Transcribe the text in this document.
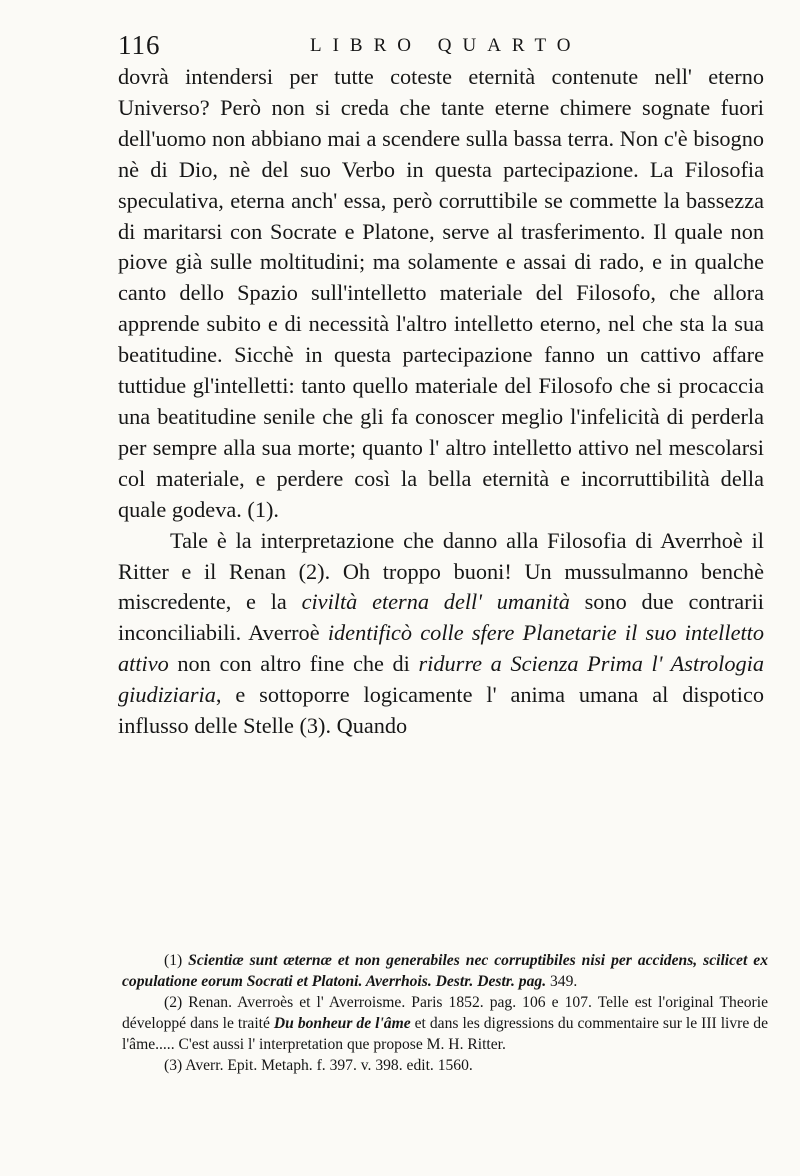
116	LIBRO QUARTO

dovrà intendersi per tutte coteste eternità contenute nell' eterno Universo? Però non si creda che tante eterne chimere sognate fuori dell'uomo non abbiano mai a scendere sulla bassa terra. Non c'è bisogno nè di Dio, nè del suo Verbo in questa partecipazione. La Filosofia speculativa, eterna anch' essa, però corruttibile se commette la bassezza di maritarsi con Socrate e Platone, serve al trasferimento. Il quale non piove già sulle moltitudini; ma solamente e assai di rado, e in qualche canto dello Spazio sull'intelletto materiale del Filosofo, che allora apprende subito e di necessità l'altro intelletto eterno, nel che sta la sua beatitudine. Sicchè in questa partecipazione fanno un cattivo affare tuttidue gl'intelletti: tanto quello materiale del Filosofo che si procaccia una beatitudine senile che gli fa conoscer meglio l'infelicità di perderla per sempre alla sua morte; quanto l' altro intelletto attivo nel mescolarsi col materiale, e perdere così la bella eternità e incorruttibilità della quale godeva. (1).

Tale è la interpretazione che danno alla Filosofia di Averrhoè il Ritter e il Renan (2). Oh troppo buoni! Un mussulmanno benchè miscredente, e la civiltà eterna dell' umanità sono due contrarii inconciliabili. Averroè identificò colle sfere Planetarie il suo intelletto attivo non con altro fine che di ridurre a Scienza Prima l' Astrologia giudiziaria, e sottoporre logicamente l' anima umana al dispotico influsso delle Stelle (3). Quando

(1) Scientiæ sunt æternæ et non generabiles nec corruptibiles nisi per accidens, scilicet ex copulatione eorum Socrati et Platoni. Averrhois. Destr. Destr. pag. 349.

(2) Renan. Averroès et l' Averroisme. Paris 1852. pag. 106 e 107. Telle est l'original Theorie développé dans le traité Du bonheur de l'âme et dans les digressions du commentaire sur le III livre de l'âme..... C'est aussi l' interpretation que propose M. H. Ritter.

(3) Averr. Epit. Metaph. f. 397. v. 398. edit. 1560.
